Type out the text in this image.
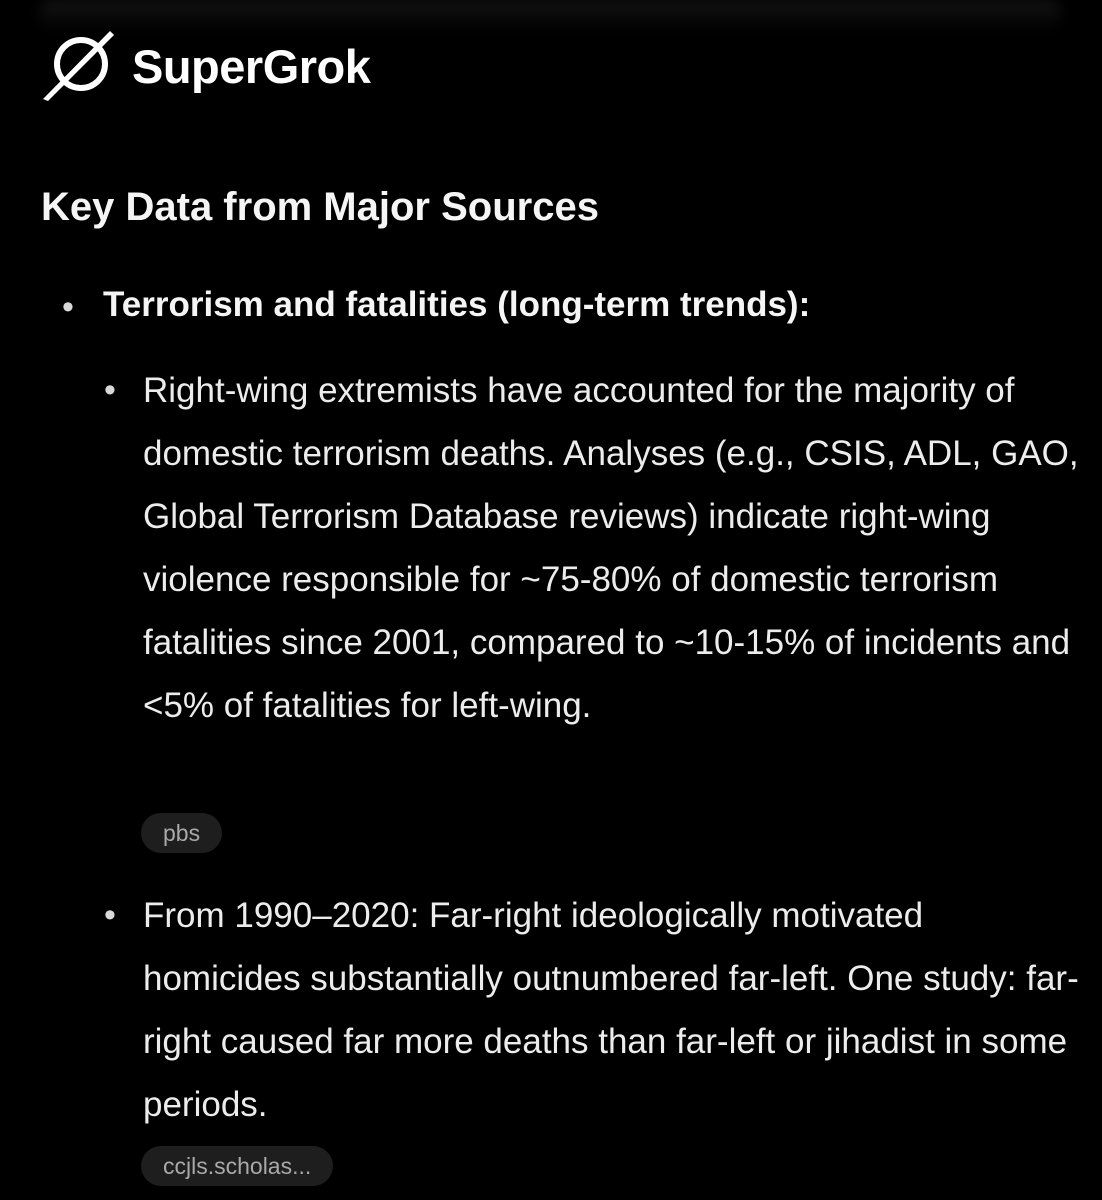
SuperGrok
Key Data from Major Sources
• Terrorism and fatalities (long-term trends):
• Right-wing extremists have accounted for the majority of domestic terrorism deaths. Analyses (e.g., CSIS, ADL, GAO, Global Terrorism Database reviews) indicate right-wing violence responsible for ~75-80% of domestic terrorism fatalities since 2001, compared to ~10-15% of incidents and <5% of fatalities for left-wing.
pbs
• From 1990–2020: Far-right ideologically motivated homicides substantially outnumbered far-left. One study: far-right caused far more deaths than far-left or jihadist in some periods.
ccjls.scholas...
